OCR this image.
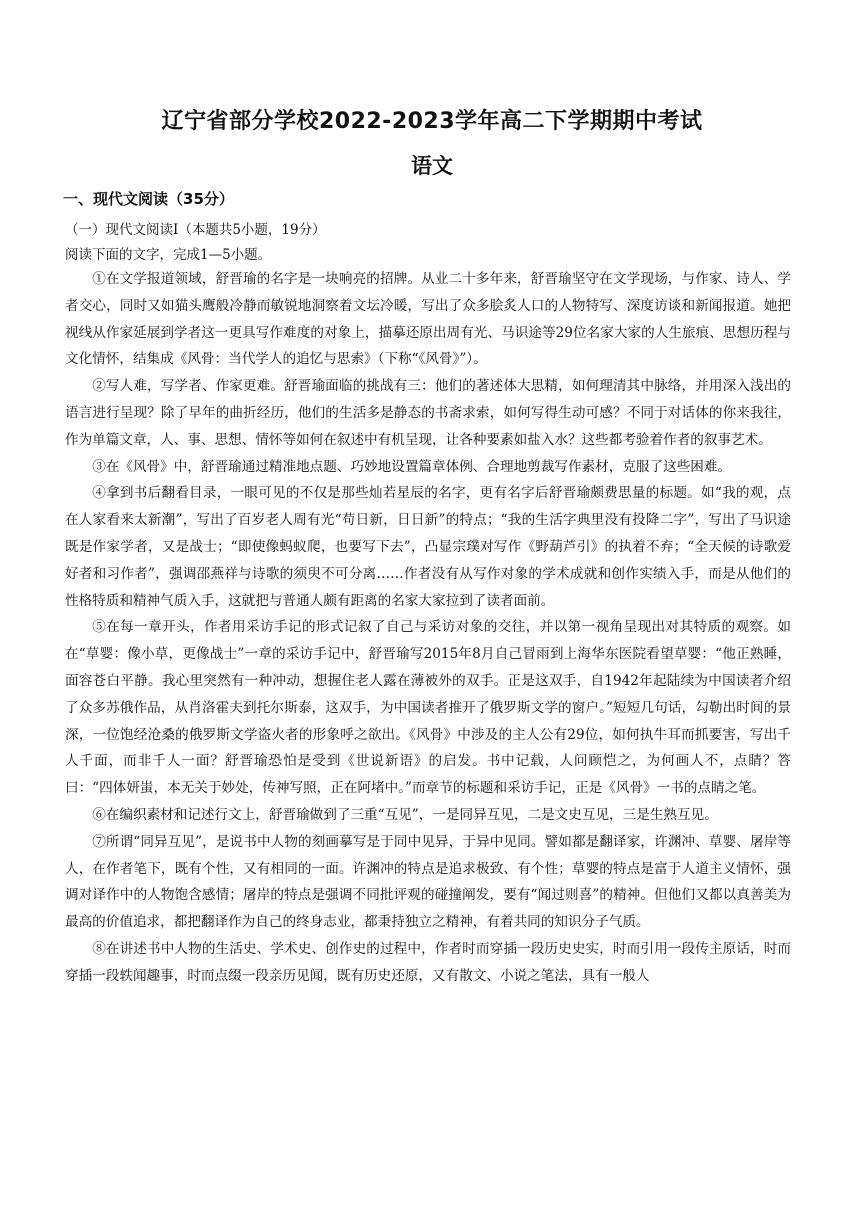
辽宁省部分学校2022-2023学年高二下学期期中考试
语文
一、现代文阅读（35分）
（一）现代文阅读Ⅰ（本题共5小题，19分）
阅读下面的文字，完成1—5小题。

①在文学报道领域，舒晋瑜的名字是一块响亮的招牌。从业二十多年来，舒晋瑜坚守在文学现场，与作家、诗人、学者交心，同时又如猫头鹰般冷静而敏锐地洞察着文坛冷暖，写出了众多脍炙人口的人物特写、深度访谈和新闻报道。她把视线从作家延展到学者这一更具写作难度的对象上，描摹还原出周有光、马识途等29位名家大家的人生旅痕、思想历程与文化情怀，结集成《风骨：当代学人的追忆与思索》（下称“《风骨》”）。

②写人难，写学者、作家更难。舒晋瑜面临的挑战有三：他们的著述体大思精，如何理清其中脉络，并用深入浅出的语言进行呈现？除了早年的曲折经历，他们的生活多是静态的书斋求索，如何写得生动可感？不同于对话体的你来我往，作为单篇文章，人、事、思想、情怀等如何在叙述中有机呈现，让各种要素如盐入水？这些都考验着作者的叙事艺术。

③在《风骨》中，舒晋瑜通过精准地点题、巧妙地设置篇章体例、合理地剪裁写作素材，克服了这些困难。

④拿到书后翻看目录，一眼可见的不仅是那些灿若星辰的名字，更有名字后舒晋瑜颇费思量的标题。如“我的观，点在人家看来太新潮”，写出了百岁老人周有光“苟日新，日日新”的特点；“我的生活字典里没有投降二字”，写出了马识途既是作家学者，又是战士；“即使像蚂蚁爬，也要写下去”，凸显宗璞对写作《野葫芦引》的执着不弃；“全天候的诗歌爱好者和习作者”，强调邵燕祥与诗歌的须臾不可分离……作者没有从写作对象的学术成就和创作实绩入手，而是从他们的性格特质和精神气质入手，这就把与普通人颇有距离的名家大家拉到了读者面前。

⑤在每一章开头，作者用采访手记的形式记叙了自己与采访对象的交往，并以第一视角呈现出对其特质的观察。如在“草婴：像小草，更像战士”一章的采访手记中，舒晋瑜写2015年8月自己冒雨到上海华东医院看望草婴：“他正熟睡，面容苍白平静。我心里突然有一种冲动，想握住老人露在薄被外的双手。正是这双手，自1942年起陆续为中国读者介绍了众多苏俄作品，从肖洛霍夫到托尔斯泰，这双手，为中国读者推开了俄罗斯文学的窗户。”短短几句话，勾勒出时间的景深，一位饱经沧桑的俄罗斯文学盗火者的形象呼之欲出。《风骨》中涉及的主人公有29位，如何执牛耳而抓要害，写出千人千面，而非千人一面？舒晋瑜恐怕是受到《世说新语》的启发。书中记载，人问顾恺之，为何画人不，点睛？答曰：“四体妍蚩，本无关于妙处，传神写照，正在阿堵中。”而章节的标题和采访手记，正是《风骨》一书的点睛之笔。

⑥在编织素材和记述行文上，舒晋瑜做到了三重“互见”，一是同异互见，二是文史互见，三是生熟互见。

⑦所谓“同异互见”，是说书中人物的刻画摹写是于同中见异，于异中见同。譬如都是翻译家，许渊冲、草婴、屠岸等人，在作者笔下，既有个性，又有相同的一面。许渊冲的特点是追求极致、有个性；草婴的特点是富于人道主义情怀，强调对译作中的人物饱含感情；屠岸的特点是强调不同批评观的碰撞阐发，要有“闻过则喜”的精神。但他们又都以真善美为最高的价值追求，都把翻译作为自己的终身志业，都秉持独立之精神，有着共同的知识分子气质。

⑧在讲述书中人物的生活史、学术史、创作史的过程中，作者时而穿插一段历史史实，时而引用一段传主原话，时而穿插一段轶闻趣事，时而点缀一段亲历见闻，既有历史还原，又有散文、小说之笔法，具有一般人
